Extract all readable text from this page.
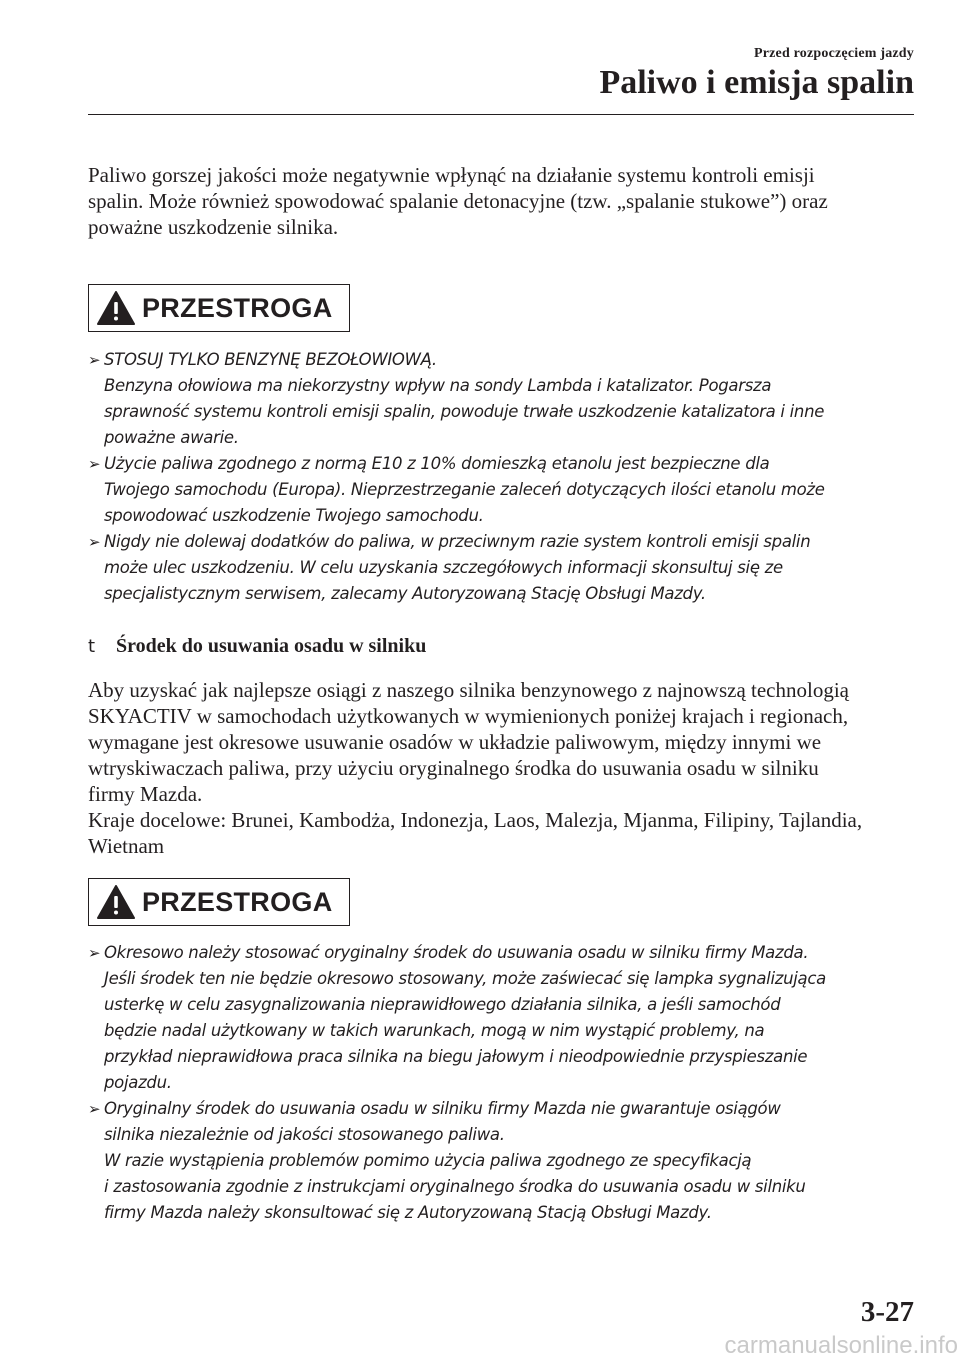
Przed rozpoczęciem jazdy
Paliwo i emisja spalin

Paliwo gorszej jakości może negatywnie wpłynąć na działanie systemu kontroli emisji
spalin. Może również spowodować spalanie detonacyjne (tzw. „spalanie stukowe”) oraz
poważne uszkodzenie silnika.

PRZESTROGA
➢ STOSUJ TYLKO BENZYNĘ BEZOŁOWIOWĄ.
Benzyna ołowiowa ma niekorzystny wpływ na sondy Lambda i katalizator. Pogarsza
sprawność systemu kontroli emisji spalin, powoduje trwałe uszkodzenie katalizatora i inne
poważne awarie.
➢ Użycie paliwa zgodnego z normą E10 z 10% domieszką etanolu jest bezpieczne dla
Twojego samochodu (Europa). Nieprzestrzeganie zaleceń dotyczących ilości etanolu może
spowodować uszkodzenie Twojego samochodu.
➢ Nigdy nie dolewaj dodatków do paliwa, w przeciwnym razie system kontroli emisji spalin
może ulec uszkodzeniu. W celu uzyskania szczegółowych informacji skonsultuj się ze
specjalistycznym serwisem, zalecamy Autoryzowaną Stację Obsługi Mazdy.
t Środek do usuwania osadu w silniku

Aby uzyskać jak najlepsze osiągi z naszego silnika benzynowego z najnowszą technologią
SKYACTIV w samochodach użytkowanych w wymienionych poniżej krajach i regionach,
wymagane jest okresowe usuwanie osadów w układzie paliwowym, między innymi we
wtryskiwaczach paliwa, przy użyciu oryginalnego środka do usuwania osadu w silniku
firmy Mazda.
Kraje docelowe: Brunei, Kambodża, Indonezja, Laos, Malezja, Mjanma, Filipiny, Tajlandia,
Wietnam

PRZESTROGA
➢ Okresowo należy stosować oryginalny środek do usuwania osadu w silniku firmy Mazda.
Jeśli środek ten nie będzie okresowo stosowany, może zaświecać się lampka sygnalizująca
usterkę w celu zasygnalizowania nieprawidłowego działania silnika, a jeśli samochód
będzie nadal użytkowany w takich warunkach, mogą w nim wystąpić problemy, na
przykład nieprawidłowa praca silnika na biegu jałowym i nieodpowiednie przyspieszanie
pojazdu.
➢ Oryginalny środek do usuwania osadu w silniku firmy Mazda nie gwarantuje osiągów
silnika niezależnie od jakości stosowanego paliwa.
W razie wystąpienia problemów pomimo użycia paliwa zgodnego ze specyfikacją
i zastosowania zgodnie z instrukcjami oryginalnego środka do usuwania osadu w silniku
firmy Mazda należy skonsultować się z Autoryzowaną Stacją Obsługi Mazdy.
3-27
carmanualsonline.info
